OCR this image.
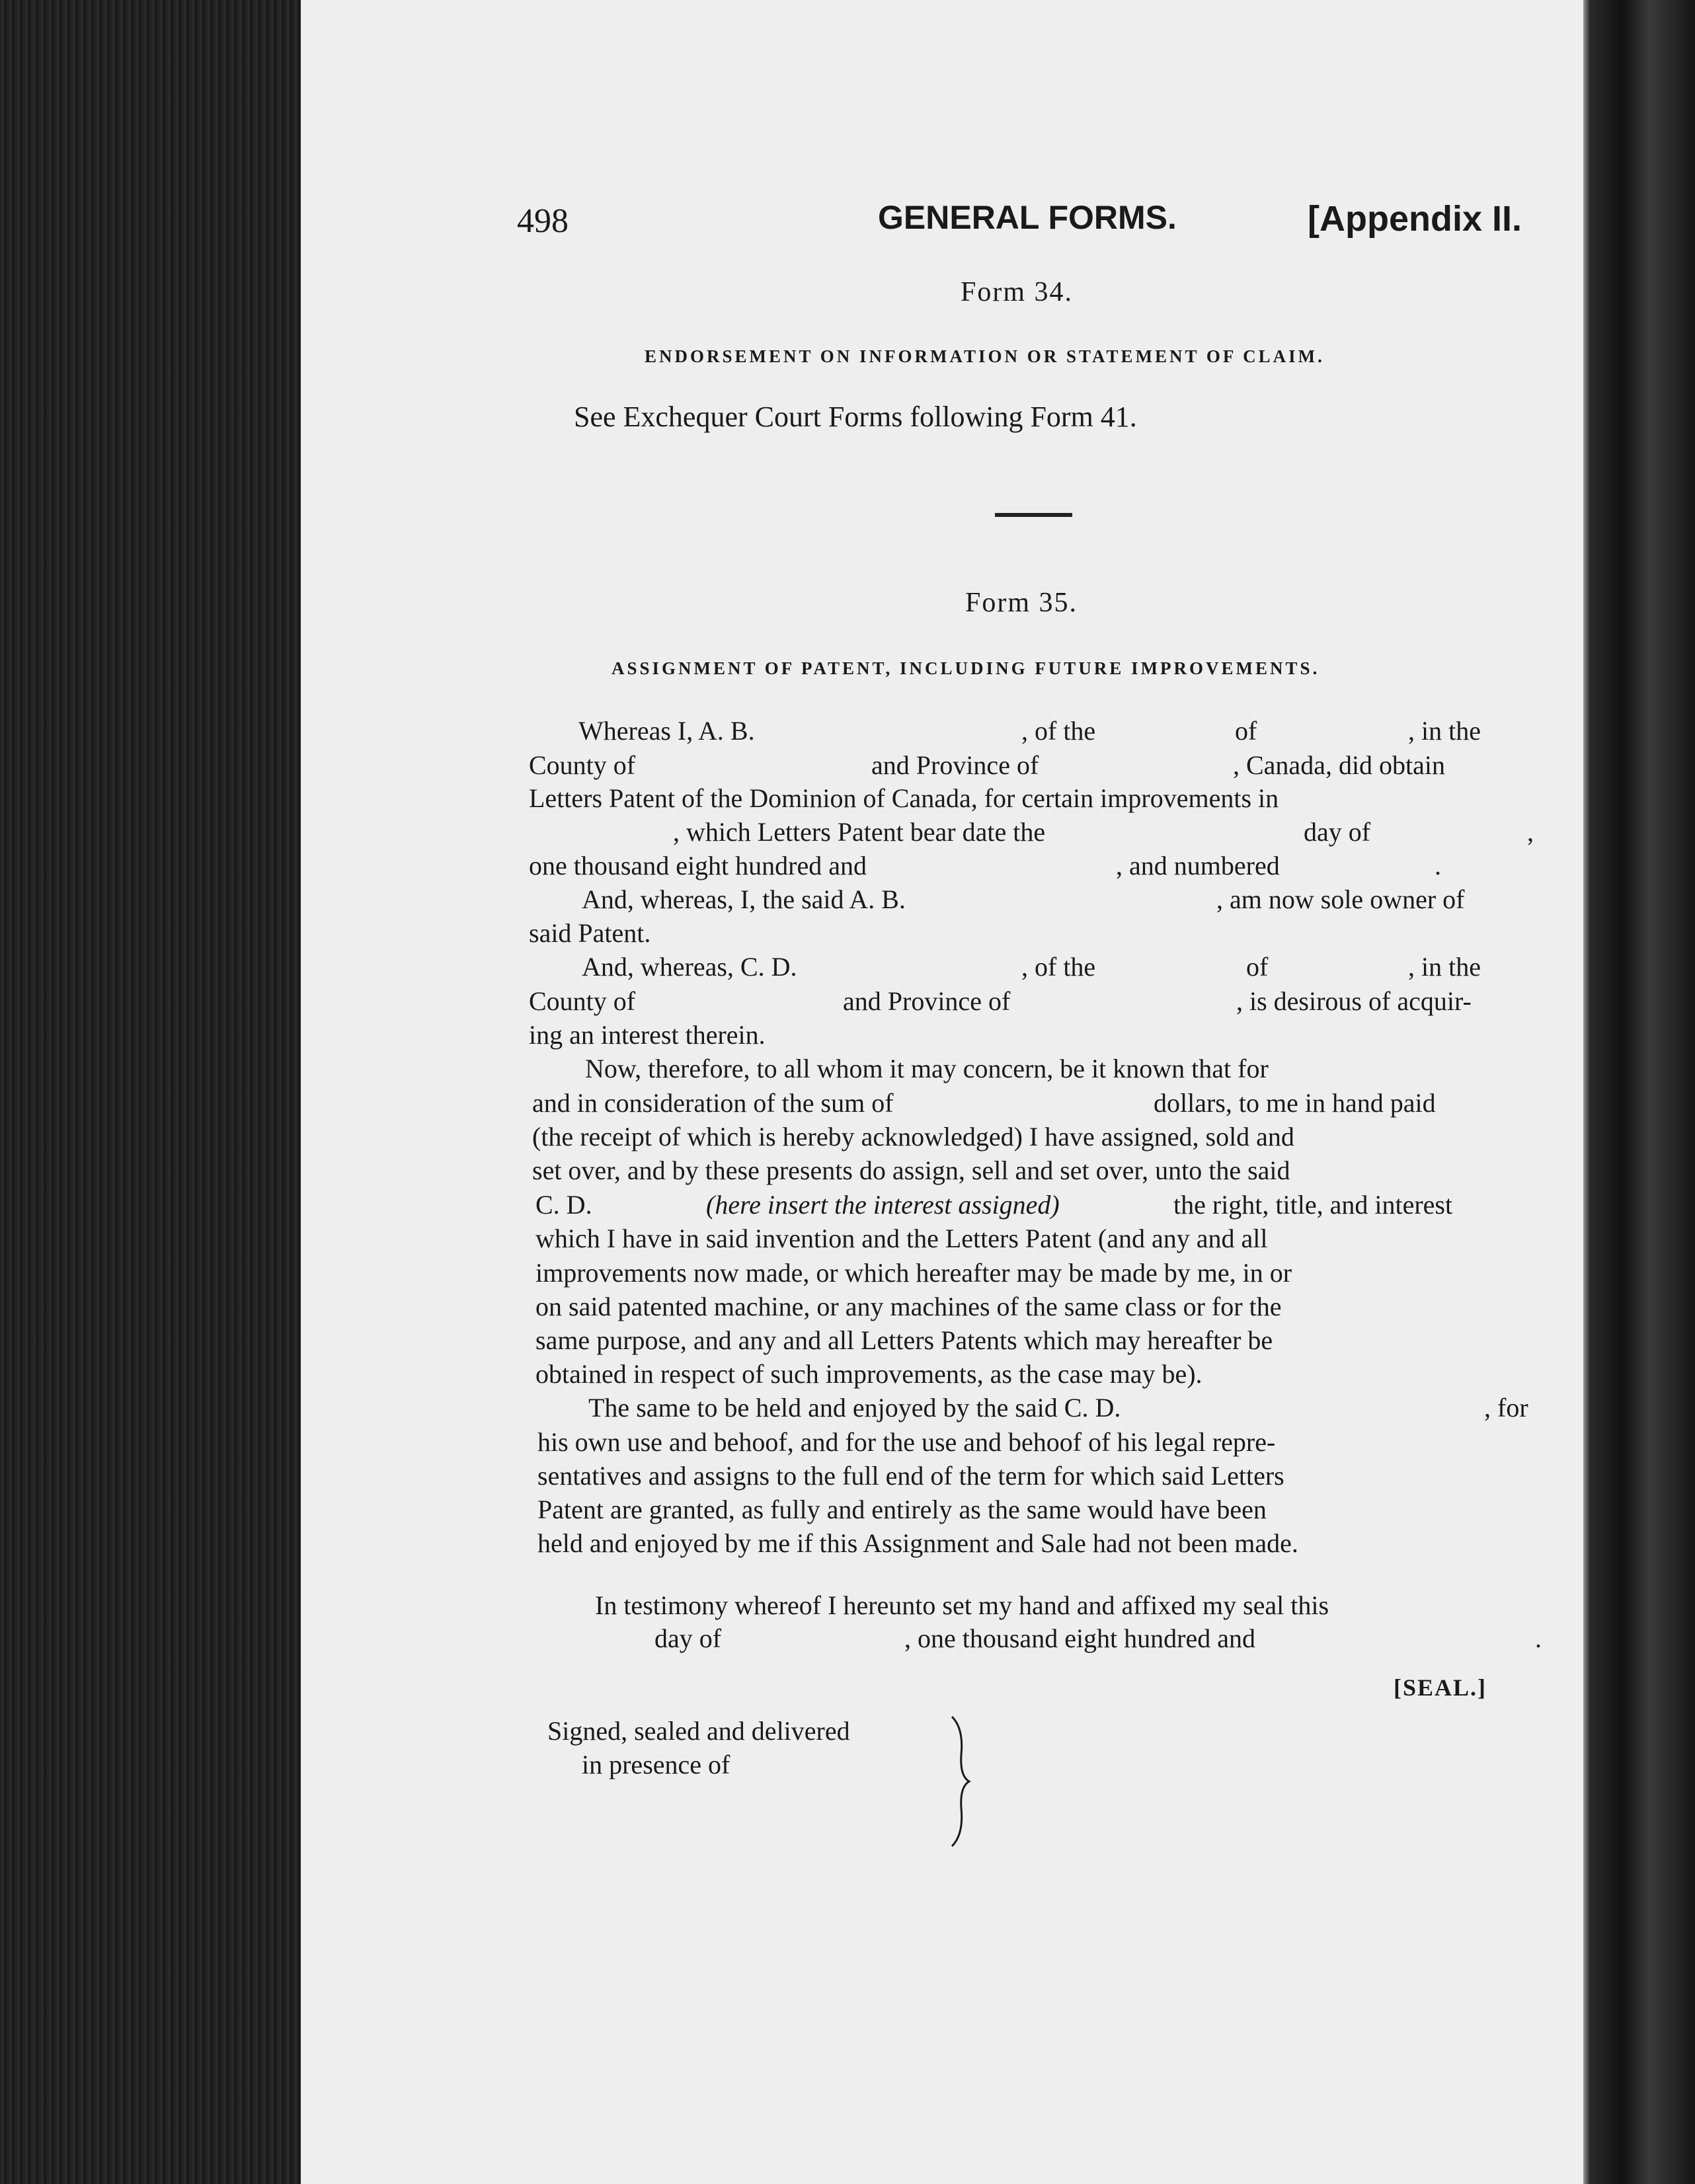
498	GENERAL FORMS.	[Appendix II.
Form 34.
ENDORSEMENT ON INFORMATION OR STATEMENT OF CLAIM.
See Exchequer Court Forms following Form 41.
Form 35.
ASSIGNMENT OF PATENT, INCLUDING FUTURE IMPROVEMENTS.
Whereas I, A. B.	, of the	of	, in the
County of	and Province of	, Canada, did obtain
Letters Patent of the Dominion of Canada, for certain improvements in
, which Letters Patent bear date the	day of	,
one thousand eight hundred and	, and numbered	.
And, whereas, I, the said A. B.	, am now sole owner of
said Patent.
And, whereas, C. D.	, of the	of	, in the
County of	and Province of	, is desirous of acquir-
ing an interest therein.
Now, therefore, to all whom it may concern, be it known that for
and in consideration of the sum of	dollars, to me in hand paid
(the receipt of which is hereby acknowledged) I have assigned, sold and
set over, and by these presents do assign, sell and set over, unto the said
C. D.	(here insert the interest assigned)	the right, title, and interest
which I have in said invention and the Letters Patent (and any and all
improvements now made, or which hereafter may be made by me, in or
on said patented machine, or any machines of the same class or for the
same purpose, and any and all Letters Patents which may hereafter be
obtained in respect of such improvements, as the case may be).
The same to be held and enjoyed by the said C. D.	, for
his own use and behoof, and for the use and behoof of his legal repre-
sentatives and assigns to the full end of the term for which said Letters
Patent are granted, as fully and entirely as the same would have been
held and enjoyed by me if this Assignment and Sale had not been made.
In testimony whereof I hereunto set my hand and affixed my seal this
day of	, one thousand eight hundred and	.
Signed, sealed and delivered
in presence of
[SEAL.]
